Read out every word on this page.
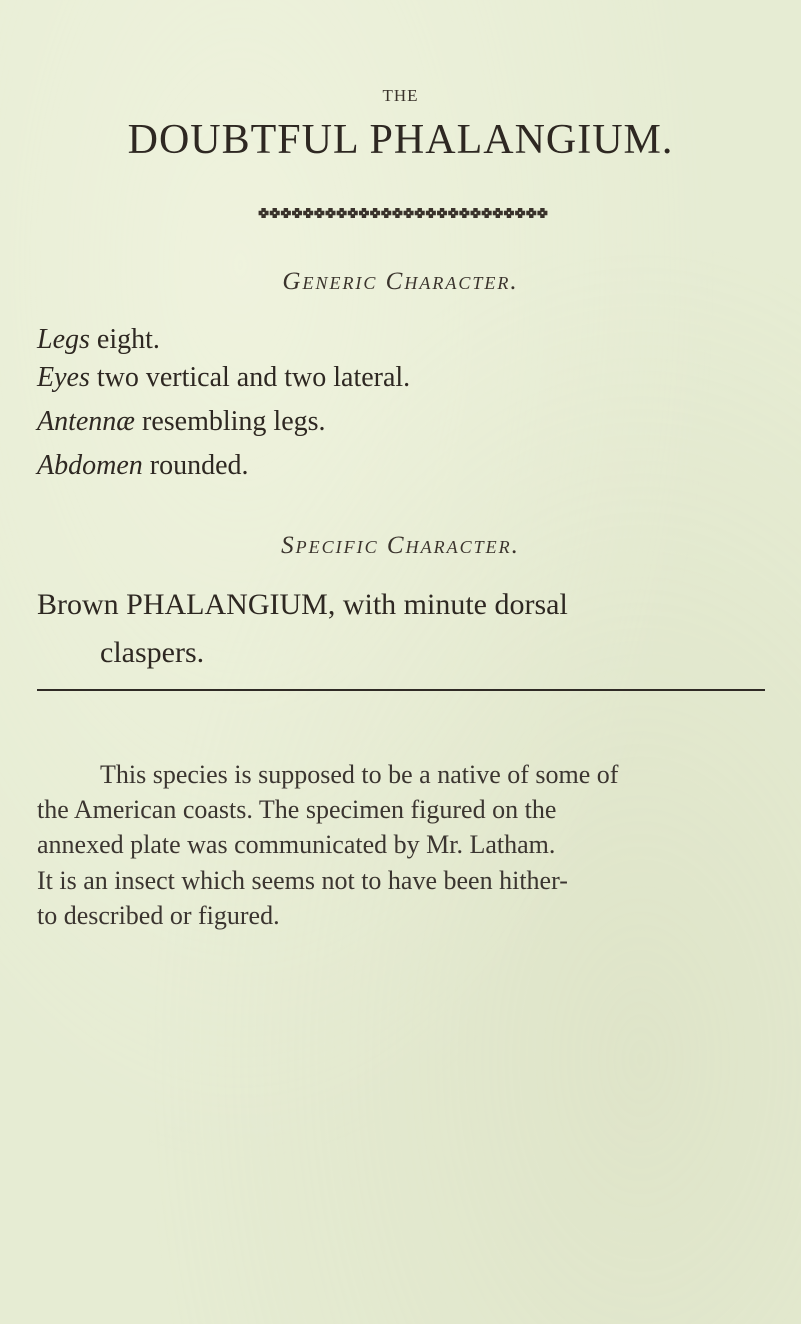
THE
DOUBTFUL PHALANGIUM.
Generic Character.
Legs eight.
Eyes two vertical and two lateral.
Antennæ resembling legs.
Abdomen rounded.
Specific Character.
Brown PHALANGIUM, with minute dorsal
claspers.
This species is supposed to be a native of some of
the American coasts. The specimen figured on the
annexed plate was communicated by Mr. Latham.
It is an insect which seems not to have been hither-
to described or figured.
